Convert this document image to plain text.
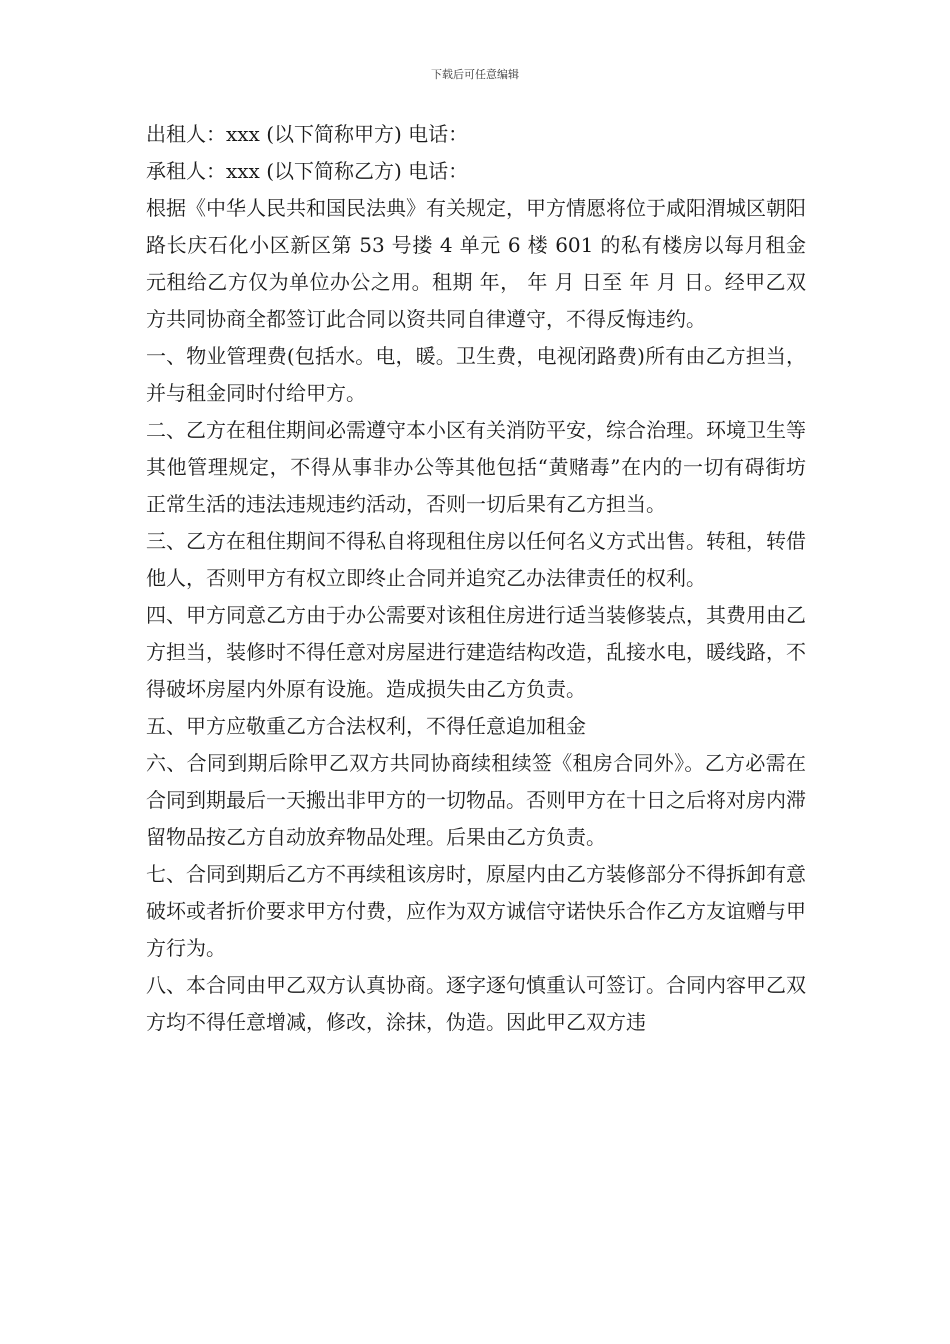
下载后可任意编辑

出租人：xxx (以下简称甲方) 电话：

承租人：xxx (以下简称乙方) 电话：

根据《中华人民共和国民法典》有关规定，甲方情愿将位于咸阳渭城区朝阳路长庆石化小区新区第 53 号搂 4 单元 6 楼 601 的私有楼房以每月租金 元租给乙方仅为单位办公之用。租期 年， 年 月 日至 年 月 日。经甲乙双方共同协商全都签订此合同以资共同自律遵守，不得反悔违约。

一、物业管理费(包括水。电，暖。卫生费，电视闭路费)所有由乙方担当，并与租金同时付给甲方。

二、乙方在租住期间必需遵守本小区有关消防平安，综合治理。环境卫生等其他管理规定，不得从事非办公等其他包括“黄赌毒”在内的一切有碍街坊正常生活的违法违规违约活动，否则一切后果有乙方担当。

三、乙方在租住期间不得私自将现租住房以任何名义方式出售。转租，转借他人，否则甲方有权立即终止合同并追究乙办法律责任的权利。

四、甲方同意乙方由于办公需要对该租住房进行适当装修装点，其费用由乙方担当，装修时不得任意对房屋进行建造结构改造，乱接水电，暖线路，不得破坏房屋内外原有设施。造成损失由乙方负责。

五、甲方应敬重乙方合法权利，不得任意追加租金

六、合同到期后除甲乙双方共同协商续租续签《租房合同外》。乙方必需在合同到期最后一天搬出非甲方的一切物品。否则甲方在十日之后将对房内滞留物品按乙方自动放弃物品处理。后果由乙方负责。

七、合同到期后乙方不再续租该房时，原屋内由乙方装修部分不得拆卸有意破坏或者折价要求甲方付费，应作为双方诚信守诺快乐合作乙方友谊赠与甲方行为。

八、本合同由甲乙双方认真协商。逐字逐句慎重认可签订。合同内容甲乙双方均不得任意增减，修改，涂抹，伪造。因此甲乙双方违
